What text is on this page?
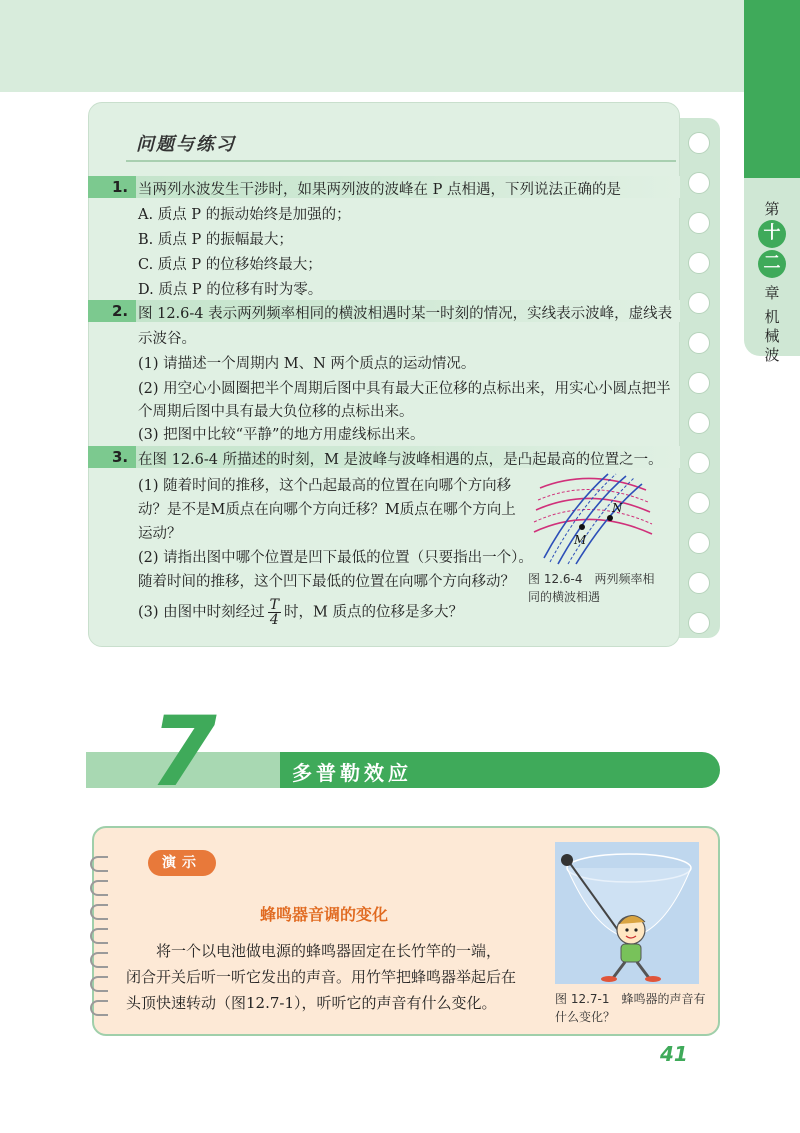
第
十
二
章
机械波
问题与练习
1. 当两列水波发生干涉时，如果两列波的波峰在 P 点相遇，下列说法正确的是
A. 质点 P 的振动始终是加强的；
B. 质点 P 的振幅最大；
C. 质点 P 的位移始终最大；
D. 质点 P 的位移有时为零。
2. 图 12.6-4 表示两列频率相同的横波相遇时某一时刻的情况，实线表示波峰，虚线表
示波谷。
(1) 请描述一个周期内 M、N 两个质点的运动情况。
(2) 用空心小圆圈把半个周期后图中具有最大正位移的点标出来，用实心小圆点把半
个周期后图中具有最大负位移的点标出来。
(3) 把图中比较“平静”的地方用虚线标出来。
3. 在图 12.6-4 所描述的时刻，M 是波峰与波峰相遇的点，是凸起最高的位置之一。
(1) 随着时间的推移，这个凸起最高的位置在向哪个方向移
动？是不是M质点在向哪个方向迁移？M质点在哪个方向上
运动？
(2) 请指出图中哪个位置是凹下最低的位置（只要指出一个）。
随着时间的推移，这个凹下最低的位置在向哪个方向移动？
(3) 由图中时刻经过 $\frac{T}{4}$ 时，M 质点的位移是多大？
M
N
图 12.6-4　两列频率相同的横波相遇
7	多普勒效应
演示
蜂鸣器音调的变化
将一个以电池做电源的蜂鸣器固定在长竹竿的一端，
闭合开关后听一听它发出的声音。用竹竿把蜂鸣器举起后在
头顶快速转动（图12.7-1），听听它的声音有什么变化。	图 12.7-1　蜂鸣器的声音有什么变化？
41
